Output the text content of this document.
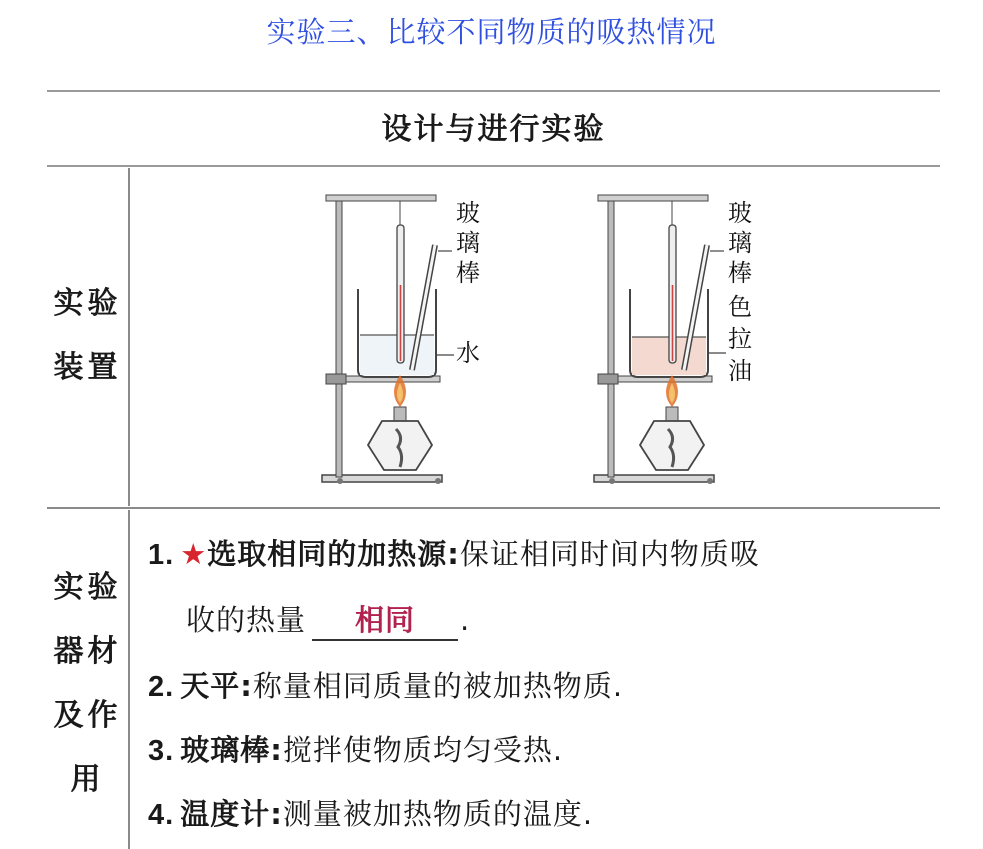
实验三、比较不同物质的吸热情况
设计与进行实验
实验
装置
玻
璃
棒
水
玻
璃
棒
色
拉
油
实验
器材
及作
用
1. ★选取相同的加热源:保证相同时间内物质吸
收的热量 相同 .
2. 天平:称量相同质量的被加热物质.
3. 玻璃棒:搅拌使物质均匀受热.
4. 温度计:测量被加热物质的温度.
